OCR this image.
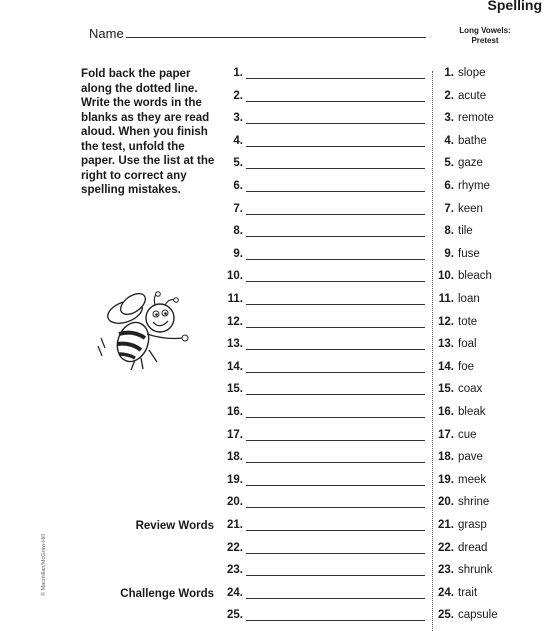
Spelling
Long Vowels:
Pretest
Name
Fold back the paper along the dotted line. Write the words in the blanks as they are read aloud. When you finish the test, unfold the paper. Use the list at the right to correct any spelling mistakes.
Review Words
Challenge Words
1.	1. slope
2.	2. acute
3.	3. remote
4.	4. bathe
5.	5. gaze
6.	6. rhyme
7.	7. keen
8.	8. tile
9.	9. fuse
10.	10. bleach
11.	11. loan
12.	12. tote
13.	13. foal
14.	14. foe
15.	15. coax
16.	16. bleak
17.	17. cue
18.	18. pave
19.	19. meek
20.	20. shrine
21.	21. grasp
22.	22. dread
23.	23. shrunk
24.	24. trait
25.	25. capsule
© Macmillan/McGraw-Hill
